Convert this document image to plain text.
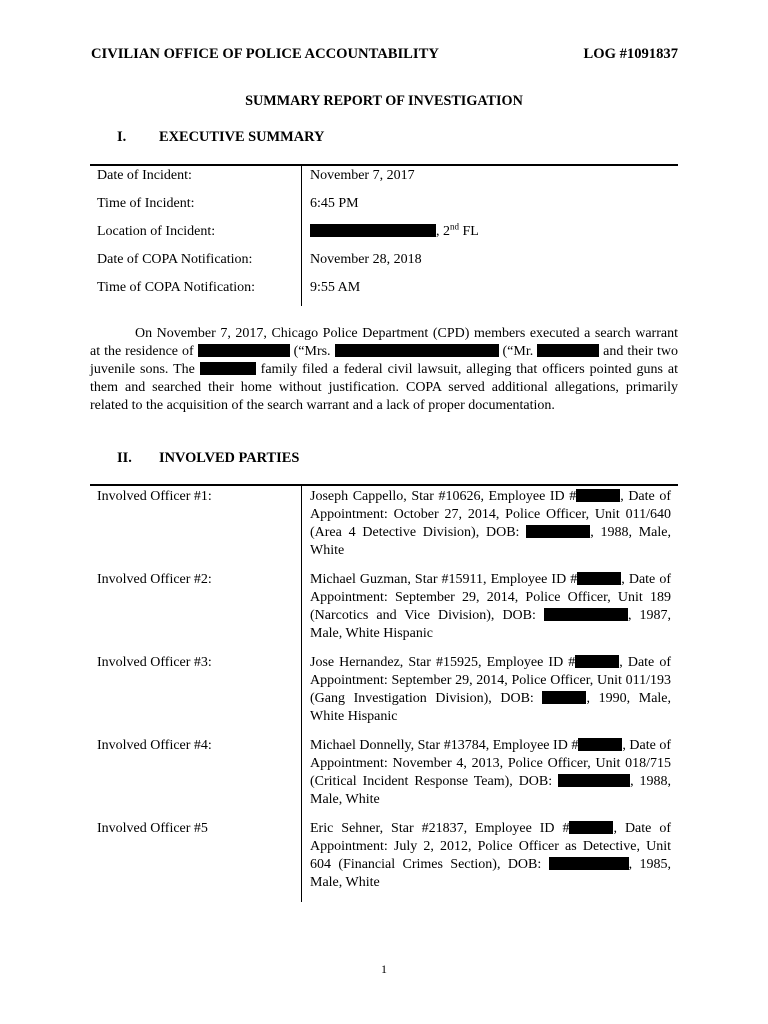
CIVILIAN OFFICE OF POLICE ACCOUNTABILITY	LOG #1091837
SUMMARY REPORT OF INVESTIGATION
I. EXECUTIVE SUMMARY
Date of Incident:	November 7, 2017
Time of Incident:	6:45 PM
Location of Incident:	, 2nd FL
Date of COPA Notification:	November 28, 2018
Time of COPA Notification:	9:55 AM
On November 7, 2017, Chicago Police Department (CPD) members executed a search warrant at the residence of	(“Mrs.	(“Mr.	and their two juvenile sons. The	family filed a federal civil lawsuit, alleging that officers pointed guns at them and searched their home without justification. COPA served additional allegations, primarily related to the acquisition of the search warrant and a lack of proper documentation.
II. INVOLVED PARTIES
Involved Officer #1:	Joseph Cappello, Star #10626, Employee ID #	, Date of Appointment: October 27, 2014, Police Officer, Unit 011/640 (Area 4 Detective Division), DOB:	, 1988, Male, White
Involved Officer #2:	Michael Guzman, Star #15911, Employee ID #	, Date of Appointment: September 29, 2014, Police Officer, Unit 189 (Narcotics and Vice Division), DOB:	, 1987, Male, White Hispanic
Involved Officer #3:	Jose Hernandez, Star #15925, Employee ID #	, Date of Appointment: September 29, 2014, Police Officer, Unit 011/193 (Gang Investigation Division), DOB:	, 1990, Male, White Hispanic
Involved Officer #4:	Michael Donnelly, Star #13784, Employee ID #	, Date of Appointment: November 4, 2013, Police Officer, Unit 018/715 (Critical Incident Response Team), DOB:	, 1988, Male, White
Involved Officer #5	Eric Sehner, Star #21837, Employee ID #	, Date of Appointment: July 2, 2012, Police Officer as Detective, Unit 604 (Financial Crimes Section), DOB:	, 1985, Male, White
1
